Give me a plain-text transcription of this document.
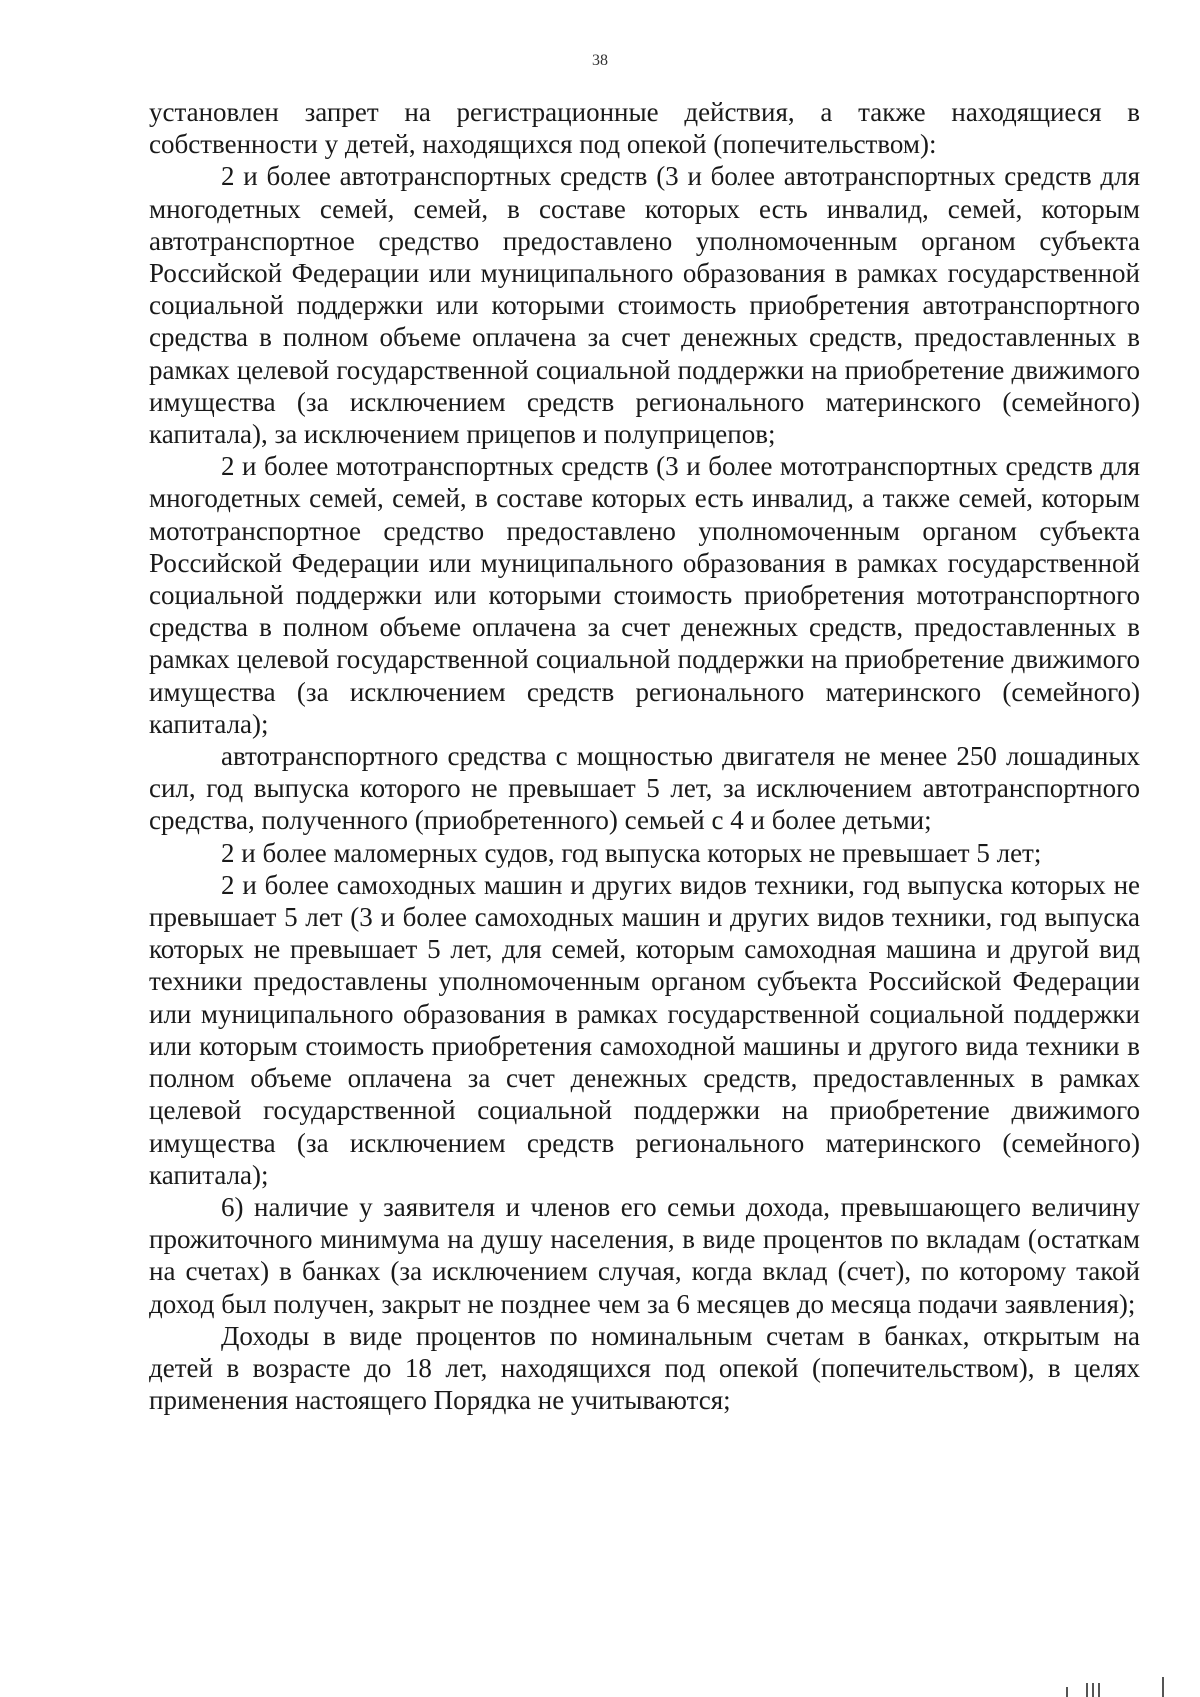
38

установлен запрет на регистрационные действия, а также находящиеся в собственности у детей, находящихся под опекой (попечительством):

2 и более автотранспортных средств (3 и более автотранспортных средств для многодетных семей, семей, в составе которых есть инвалид, семей, которым автотранспортное средство предоставлено уполномоченным органом субъекта Российской Федерации или муниципального образования в рамках государственной социальной поддержки или которыми стоимость приобретения автотранспортного средства в полном объеме оплачена за счет денежных средств, предоставленных в рамках целевой государственной социальной поддержки на приобретение движимого имущества (за исключением средств регионального материнского (семейного) капитала), за исключением прицепов и полуприцепов;

2 и более мототранспортных средств (3 и более мототранспортных средств для многодетных семей, семей, в составе которых есть инвалид, а также семей, которым мототранспортное средство предоставлено уполномоченным органом субъекта Российской Федерации или муниципального образования в рамках государственной социальной поддержки или которыми стоимость приобретения мототранспортного средства в полном объеме оплачена за счет денежных средств, предоставленных в рамках целевой государственной социальной поддержки на приобретение движимого имущества (за исключением средств регионального материнского (семейного) капитала);

автотранспортного средства с мощностью двигателя не менее 250 лошадиных сил, год выпуска которого не превышает 5 лет, за исключением автотранспортного средства, полученного (приобретенного) семьей с 4 и более детьми;

2 и более маломерных судов, год выпуска которых не превышает 5 лет;

2 и более самоходных машин и других видов техники, год выпуска которых не превышает 5 лет (3 и более самоходных машин и других видов техники, год выпуска которых не превышает 5 лет, для семей, которым самоходная машина и другой вид техники предоставлены уполномоченным органом субъекта Российской Федерации или муниципального образования в рамках государственной социальной поддержки или которым стоимость приобретения самоходной машины и другого вида техники в полном объеме оплачена за счет денежных средств, предоставленных в рамках целевой государственной социальной поддержки на приобретение движимого имущества (за исключением средств регионального материнского (семейного) капитала);

6) наличие у заявителя и членов его семьи дохода, превышающего величину прожиточного минимума на душу населения, в виде процентов по вкладам (остаткам на счетах) в банках (за исключением случая, когда вклад (счет), по которому такой доход был получен, закрыт не позднее чем за 6 месяцев до месяца подачи заявления);

Доходы в виде процентов по номинальным счетам в банках, открытым на детей в возрасте до 18 лет, находящихся под опекой (попечительством), в целях применения настоящего Порядка не учитываются;
